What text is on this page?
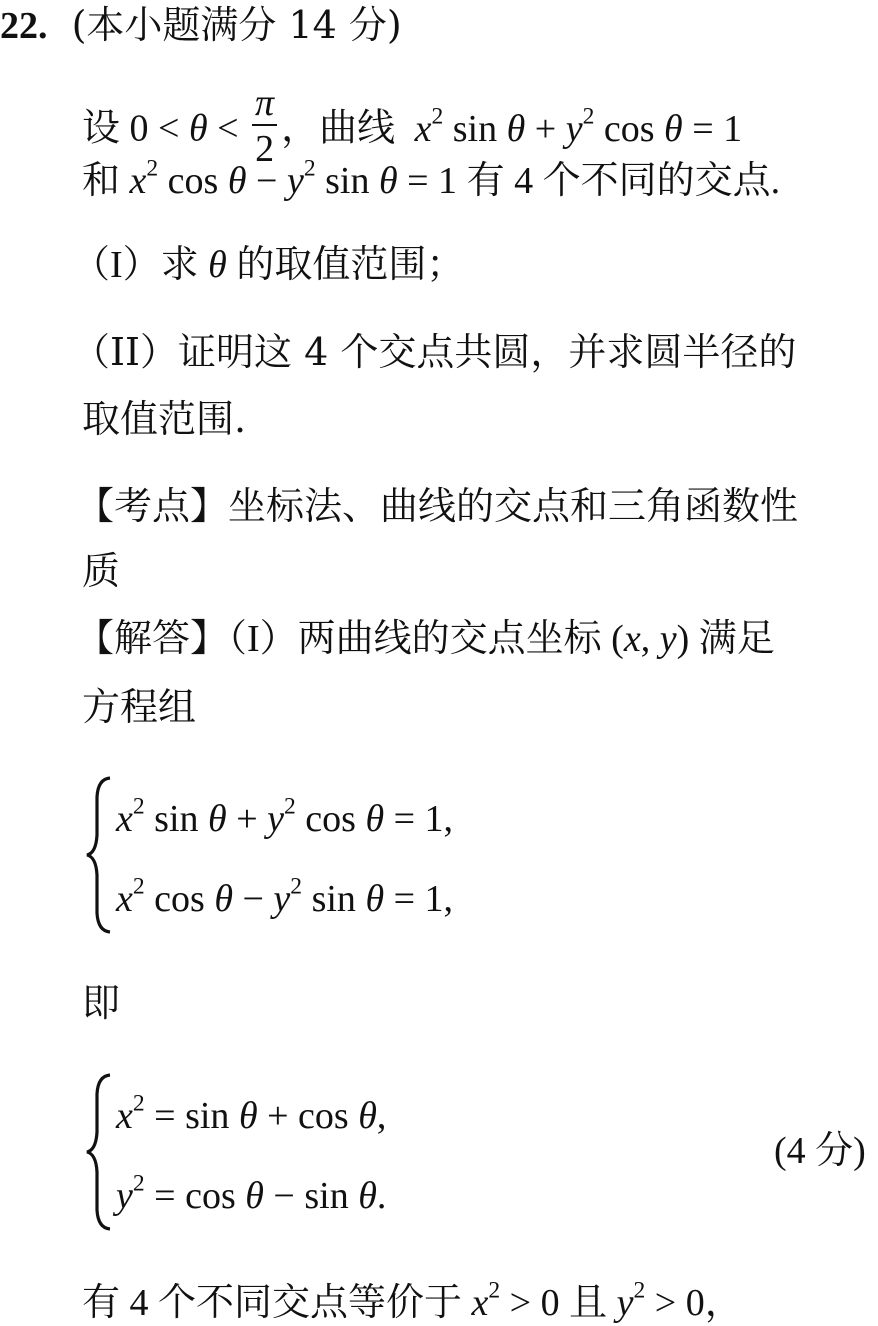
22. (本小题满分 14 分)
设 $0 < \theta < \frac{\pi}{2}$ ，曲线 $x^2$ $\sin \theta + y^2$ cos θ = 1
和 $x^2$ $\cos \theta - y^2$ sin θ = 1 有 4 个不同的交点.
（I）求 θ 的取值范围；
（II）证明这 4 个交点共圆，并求圆半径的
取值范围.
【考点】坐标法、曲线的交点和三角函数性
质
【解答】（I）两曲线的交点坐标 (x, y) 满足
方程组
$x^2$ $\sin \theta + y^2$ cos θ = 1,
$x^2$ $\cos \theta - y^2$ sin θ = 1,
即
$x^2 = \sin \theta + \cos \theta$,
$y^2 = \cos \theta - \sin \theta$.
(4 分)
有 4 个不同交点等价于 $x^2 > 0$ 且 $y^2 > 0$，
